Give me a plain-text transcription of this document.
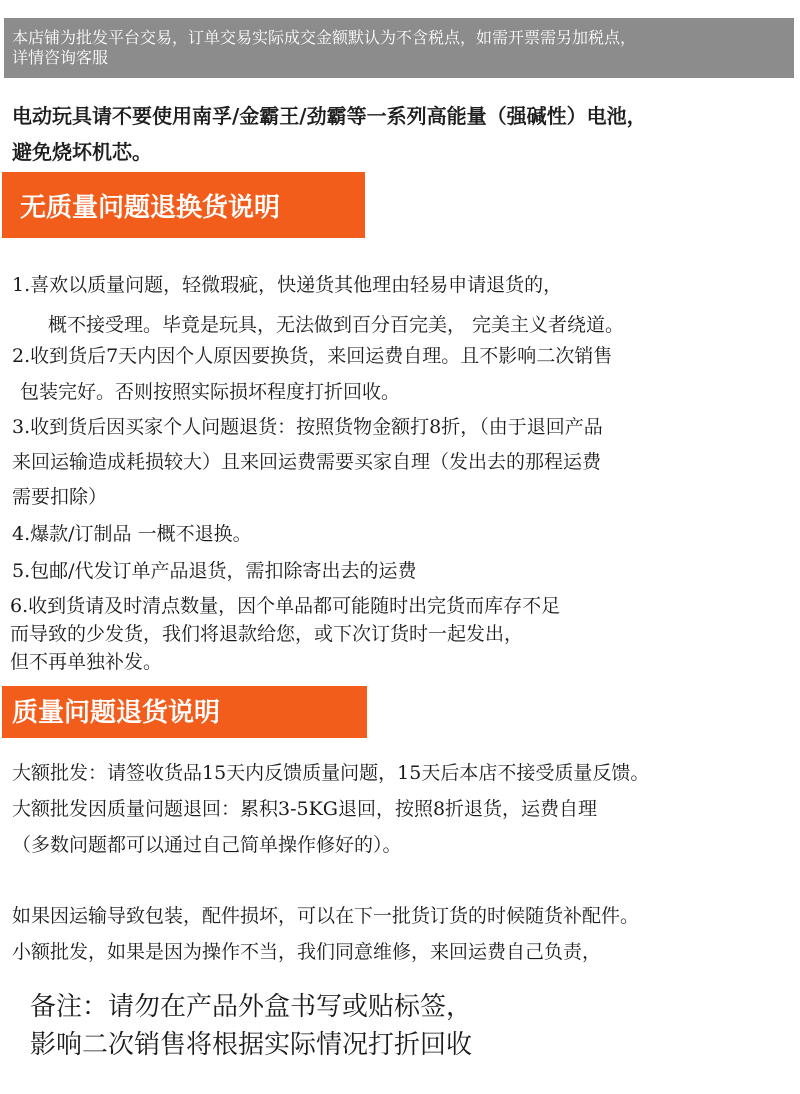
本店铺为批发平台交易，订单交易实际成交金额默认为不含税点，如需开票需另加税点，
详情咨询客服
电动玩具请不要使用南孚/金霸王/劲霸等一系列高能量（强碱性）电池，
避免烧坏机芯。
无质量问题退换货说明
1.喜欢以质量问题，轻微瑕疵，快递货其他理由轻易申请退货的，
概不接受理。毕竟是玩具，无法做到百分百完美， 完美主义者绕道。
2.收到货后7天内因个人原因要换货，来回运费自理。且不影响二次销售
包装完好。否则按照实际损坏程度打折回收。
3.收到货后因买家个人问题退货：按照货物金额打8折，（由于退回产品
来回运输造成耗损较大）且来回运费需要买家自理（发出去的那程运费
需要扣除）
4.爆款/订制品 一概不退换。
5.包邮/代发订单产品退货，需扣除寄出去的运费
6.收到货请及时清点数量，因个单品都可能随时出完货而库存不足
而导致的少发货，我们将退款给您，或下次订货时一起发出，
但不再单独补发。
质量问题退货说明
大额批发：请签收货品15天内反馈质量问题，15天后本店不接受质量反馈。
大额批发因质量问题退回：累积3-5KG退回，按照8折退货，运费自理
（多数问题都可以通过自己简单操作修好的）。
如果因运输导致包装，配件损坏，可以在下一批货订货的时候随货补配件。
小额批发，如果是因为操作不当，我们同意维修，来回运费自己负责，
备注：请勿在产品外盒书写或贴标签，
影响二次销售将根据实际情况打折回收
